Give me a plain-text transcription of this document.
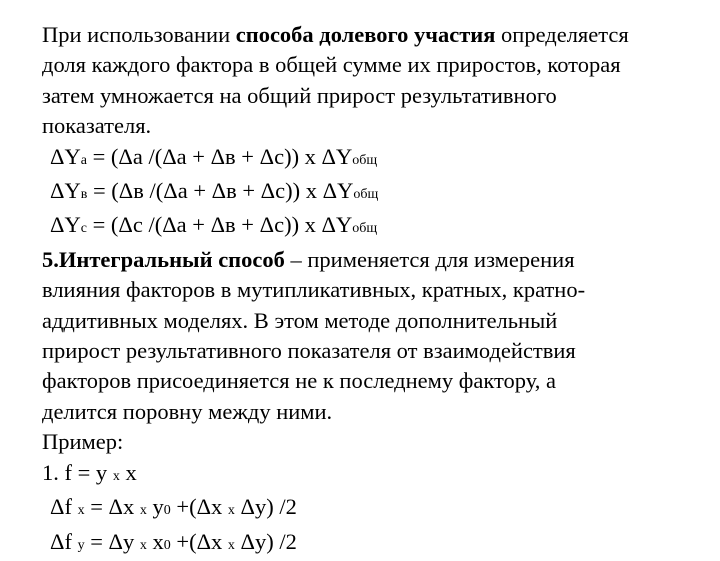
При использовании способа долевого участия определяется
доля каждого фактора в общей сумме их приростов, которая
затем умножается на общий прирост результативного
показателя.
ΔYа = (Δа /(Δа + Δв + Δс)) х ΔYобщ
ΔYв = (Δв /(Δа + Δв + Δс)) х ΔYобщ
ΔYс = (Δс /(Δа + Δв + Δс)) х ΔYобщ
5.Интегральный способ – применяется для измерения
влияния факторов в мутипликативных, кратных, кратно-
аддитивных моделях. В этом методе дополнительный
прирост результативного показателя от взаимодействия
факторов присоединяется не к последнему фактору, а
делится поровну между ними.
Пример:
1. f = y х x
Δf x = Δх х y0 +(Δх х Δу) /2
Δf y = Δу х х0 +(Δх х Δу) /2
